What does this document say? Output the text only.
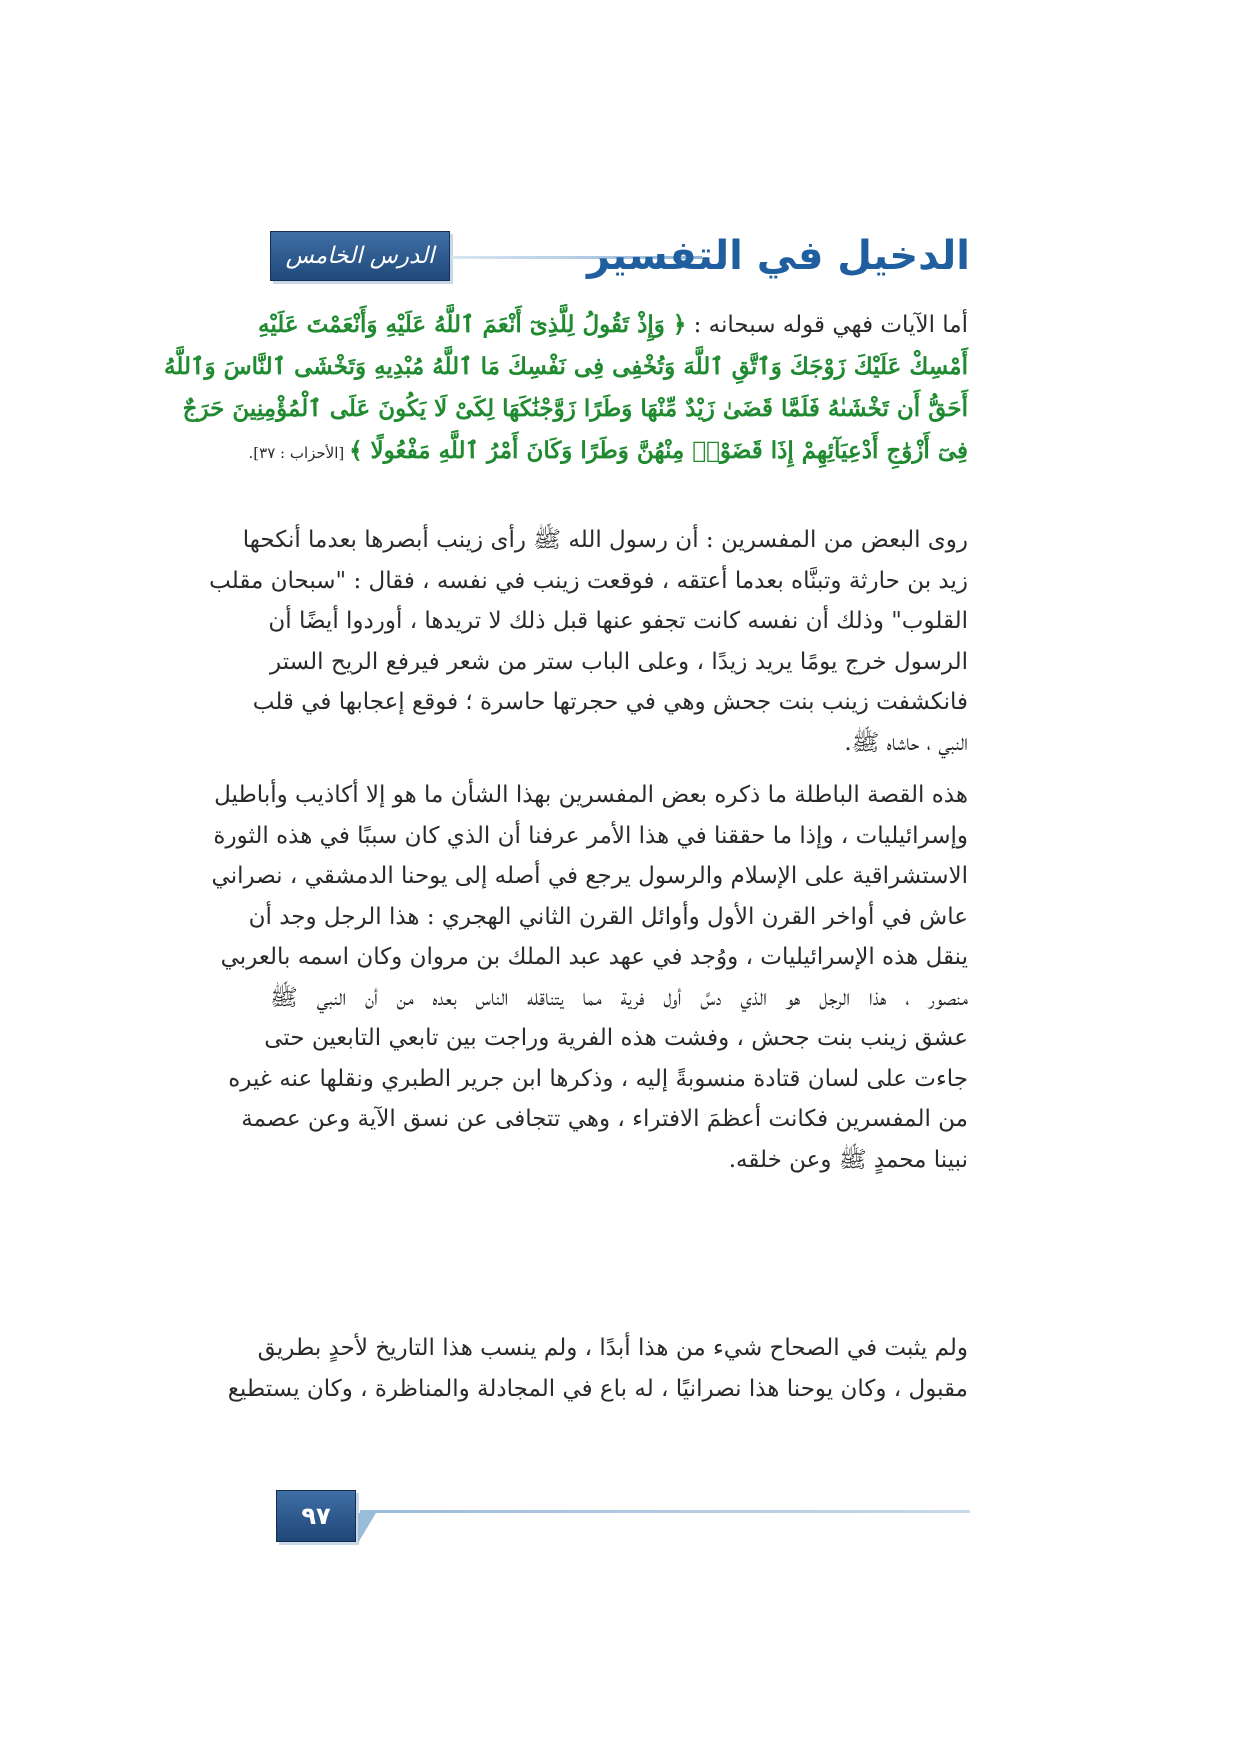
الدرس الخامس	الدخيل في التفسير
أما الآيات فهي قوله سبحانه : ﴿ وَإِذْ تَقُولُ لِلَّذِىٓ أَنْعَمَ ٱللَّهُ عَلَيْهِ وَأَنْعَمْتَ عَلَيْهِ
أَمْسِكْ عَلَيْكَ زَوْجَكَ وَٱتَّقِ ٱللَّهَ وَتُخْفِى فِى نَفْسِكَ مَا ٱللَّهُ مُبْدِيهِ وَتَخْشَى ٱلنَّاسَ وَٱللَّهُ
أَحَقُّ أَن تَخْشَىٰهُ فَلَمَّا قَضَىٰ زَيْدٌ مِّنْهَا وَطَرًا زَوَّجْنَٰكَهَا لِكَىْ لَا يَكُونَ عَلَى ٱلْمُؤْمِنِينَ حَرَجٌ
فِىٓ أَزْوَٰجِ أَدْعِيَآئِهِمْ إِذَا قَضَوْا۟ مِنْهُنَّ وَطَرًا وَكَانَ أَمْرُ ٱللَّهِ مَفْعُولًا ﴾ [الأحزاب : ٣٧].
روى البعض من المفسرين : أن رسول الله ﷺ رأى زينب أبصرها بعدما أنكحها
زيد بن حارثة وتبنَّاه بعدما أعتقه ، فوقعت زينب في نفسه ، فقال : "سبحان مقلب
القلوب" وذلك أن نفسه كانت تجفو عنها قبل ذلك لا تريدها ، أوردوا أيضًا أن
الرسول خرج يومًا يريد زيدًا ، وعلى الباب ستر من شعر فيرفع الريح الستر
فانكشفت زينب بنت جحش وهي في حجرتها حاسرة ؛ فوقع إعجابها في قلب
النبي ، حاشاه ﷺ.
هذه القصة الباطلة ما ذكره بعض المفسرين بهذا الشأن ما هو إلا أكاذيب وأباطيل
وإسرائيليات ، وإذا ما حققنا في هذا الأمر عرفنا أن الذي كان سببًا في هذه الثورة
الاستشراقية على الإسلام والرسول يرجع في أصله إلى يوحنا الدمشقي ، نصراني
عاش في أواخر القرن الأول وأوائل القرن الثاني الهجري : هذا الرجل وجد أن
ينقل هذه الإسرائيليات ، ووُجد في عهد عبد الملك بن مروان وكان اسمه بالعربي
منصور ، هذا الرجل هو الذي دسَّ أول فرية مما يتناقله الناس بعده من أن النبي ﷺ
عشق زينب بنت جحش ، وفشت هذه الفرية وراجت بين تابعي التابعين حتى
جاءت على لسان قتادة منسوبةً إليه ، وذكرها ابن جرير الطبري ونقلها عنه غيره
من المفسرين فكانت أعظمَ الافتراء ، وهي تتجافى عن نسق الآية وعن عصمة
نبينا محمدٍ ﷺ وعن خلقه.
ولم يثبت في الصحاح شيء من هذا أبدًا ، ولم ينسب هذا التاريخ لأحدٍ بطريق
مقبول ، وكان يوحنا هذا نصرانيًا ، له باع في المجادلة والمناظرة ، وكان يستطيع
٩٧
